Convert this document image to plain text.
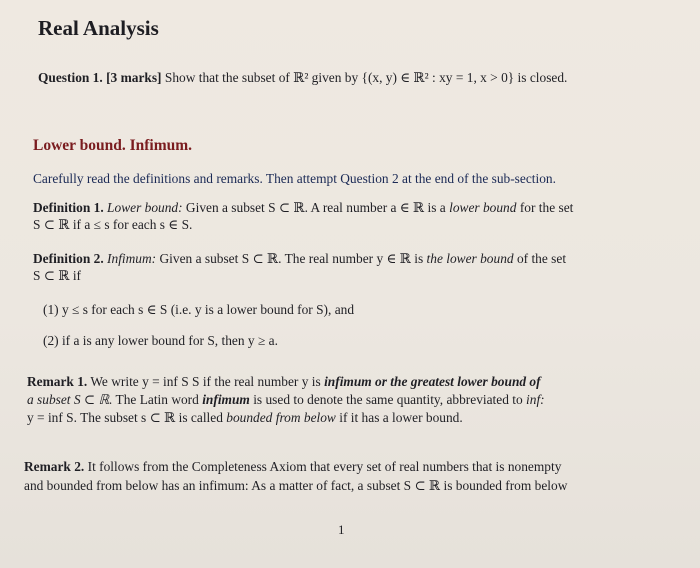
Real Analysis
Question 1. [3 marks] Show that the subset of ℝ² given by {(x, y) ∈ ℝ² : xy = 1, x > 0} is closed.
Lower bound. Infimum.
Carefully read the definitions and remarks. Then attempt Question 2 at the end of the sub-section.
Definition 1. Lower bound: Given a subset S ⊂ ℝ. A real number a ∈ ℝ is a lower bound for the set
S ⊂ ℝ if a ≤ s for each s ∈ S.
Definition 2. Infimum: Given a subset S ⊂ ℝ. The real number y ∈ ℝ is the lower bound of the set
S ⊂ ℝ if
(1) y ≤ s for each s ∈ S (i.e. y is a lower bound for S), and
(2) if a is any lower bound for S, then y ≥ a.
Remark 1. We write y = inf S S if the real number y is infimum or the greatest lower bound of
a subset S ⊂ ℝ. The Latin word infimum is used to denote the same quantity, abbreviated to inf:
y = inf S. The subset s ⊂ ℝ is called bounded from below if it has a lower bound.
Remark 2. It follows from the Completeness Axiom that every set of real numbers that is nonempty
and bounded from below has an infimum: As a matter of fact, a subset S ⊂ ℝ is bounded from below
1
